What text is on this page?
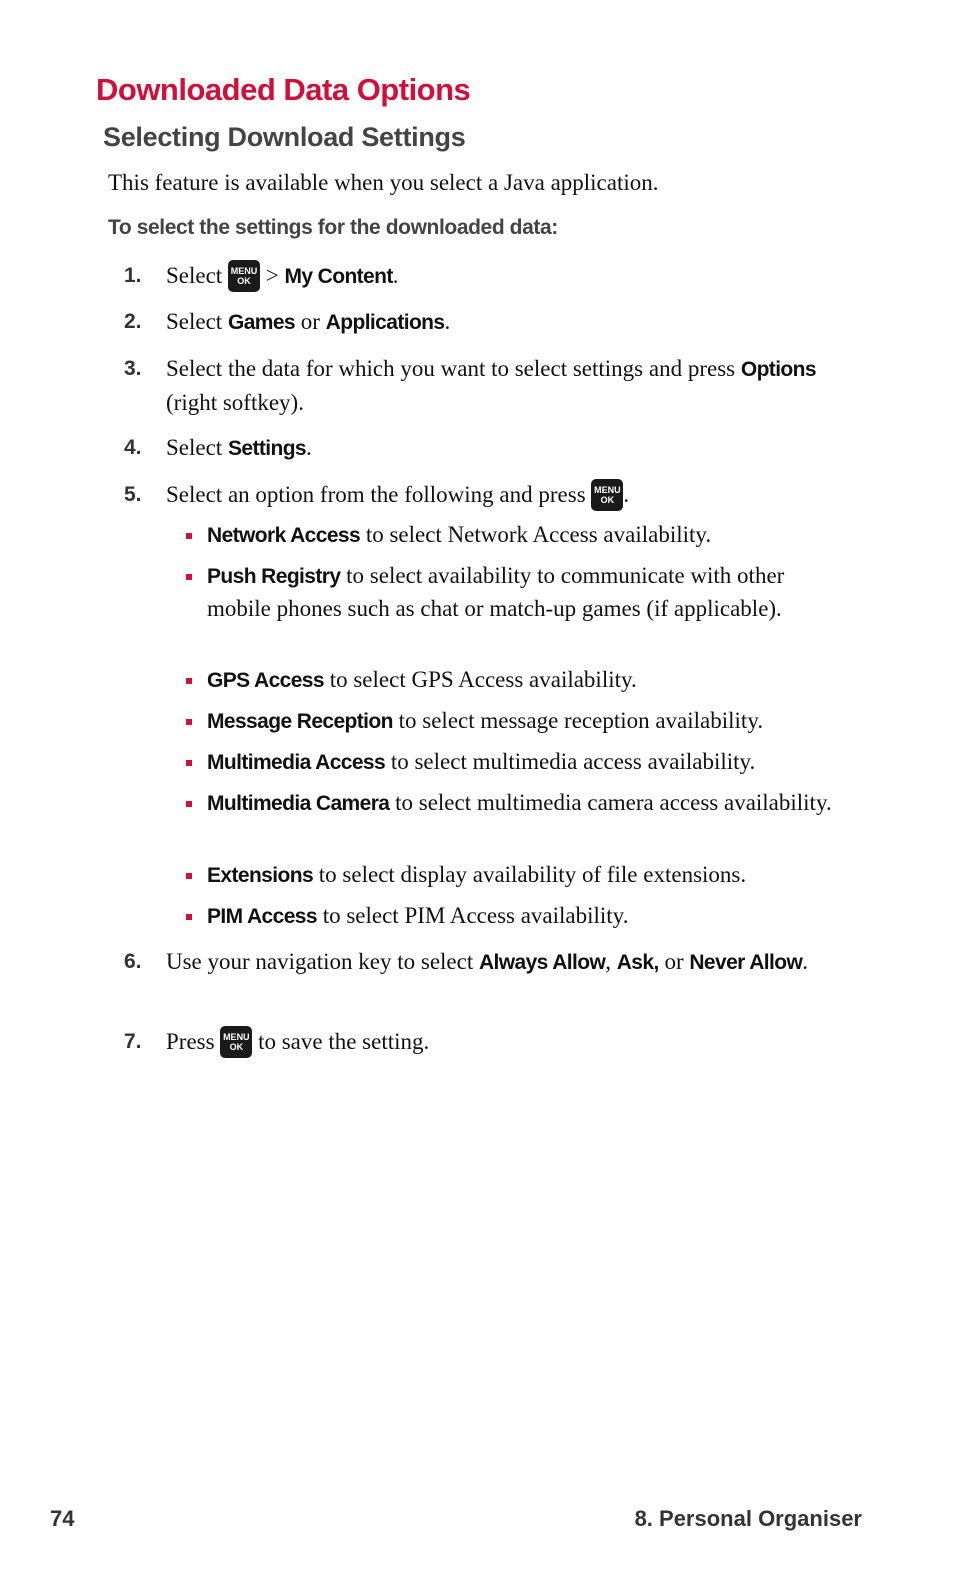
Downloaded Data Options
Selecting Download Settings

This feature is available when you select a Java application.

To select the settings for the downloaded data:

1. Select MENU
OK > My Content.
2. Select Games or Applications.
3. Select the data for which you want to select settings and press Options (right softkey).
4. Select Settings.
5. Select an option from the following and press MENU
OK .
Network Access to select Network Access availability.
Push Registry to select availability to communicate with other mobile phones such as chat or match-up games (if applicable).
GPS Access to select GPS Access availability.
Message Reception to select message reception availability.
Multimedia Access to select multimedia access availability.
Multimedia Camera to select multimedia camera access availability.
Extensions to select display availability of file extensions.
PIM Access to select PIM Access availability.
6. Use your navigation key to select Always Allow, Ask, or Never Allow.
7. Press MENU
OK to save the setting.
74	8. Personal Organiser
